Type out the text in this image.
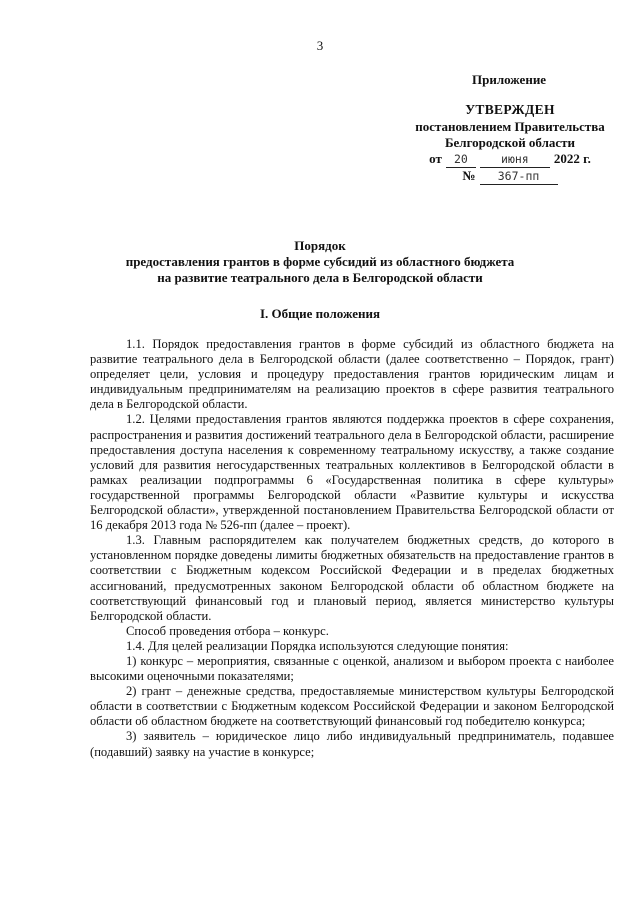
3
Приложение
УТВЕРЖДЕН
постановлением Правительства
Белгородской области
от	20	июня	2022 г.
№	367-пп
Порядок
предоставления грантов в форме субсидий из областного бюджета
на развитие театрального дела в Белгородской области
I. Общие положения

1.1. Порядок предоставления грантов в форме субсидий из областного бюджета на развитие театрального дела в Белгородской области (далее соответственно – Порядок, грант) определяет цели, условия и процедуру предоставления грантов юридическим лицам и индивидуальным предпринимателям на реализацию проектов в сфере развития театрального дела в Белгородской области.

1.2. Целями предоставления грантов являются поддержка проектов в сфере сохранения, распространения и развития достижений театрального дела в Белгородской области, расширение предоставления доступа населения к современному театральному искусству, а также создание условий для развития негосударственных театральных коллективов в Белгородской области в рамках реализации подпрограммы 6 «Государственная политика в сфере культуры» государственной программы Белгородской области «Развитие культуры и искусства Белгородской области», утвержденной постановлением Правительства Белгородской области от 16 декабря 2013 года № 526-пп (далее – проект).

1.3. Главным распорядителем как получателем бюджетных средств, до которого в установленном порядке доведены лимиты бюджетных обязательств на предоставление грантов в соответствии с Бюджетным кодексом Российской Федерации и в пределах бюджетных ассигнований, предусмотренных законом Белгородской области об областном бюджете на соответствующий финансовый год и плановый период, является министерство культуры Белгородской области.

Способ проведения отбора – конкурс.

1.4. Для целей реализации Порядка используются следующие понятия:

1) конкурс – мероприятия, связанные с оценкой, анализом и выбором проекта с наиболее высокими оценочными показателями;

2) грант – денежные средства, предоставляемые министерством культуры Белгородской области в соответствии с Бюджетным кодексом Российской Федерации и законом Белгородской области об областном бюджете на соответствующий финансовый год победителю конкурса;

3) заявитель – юридическое лицо либо индивидуальный предприниматель, подавшее (подавший) заявку на участие в конкурсе;
